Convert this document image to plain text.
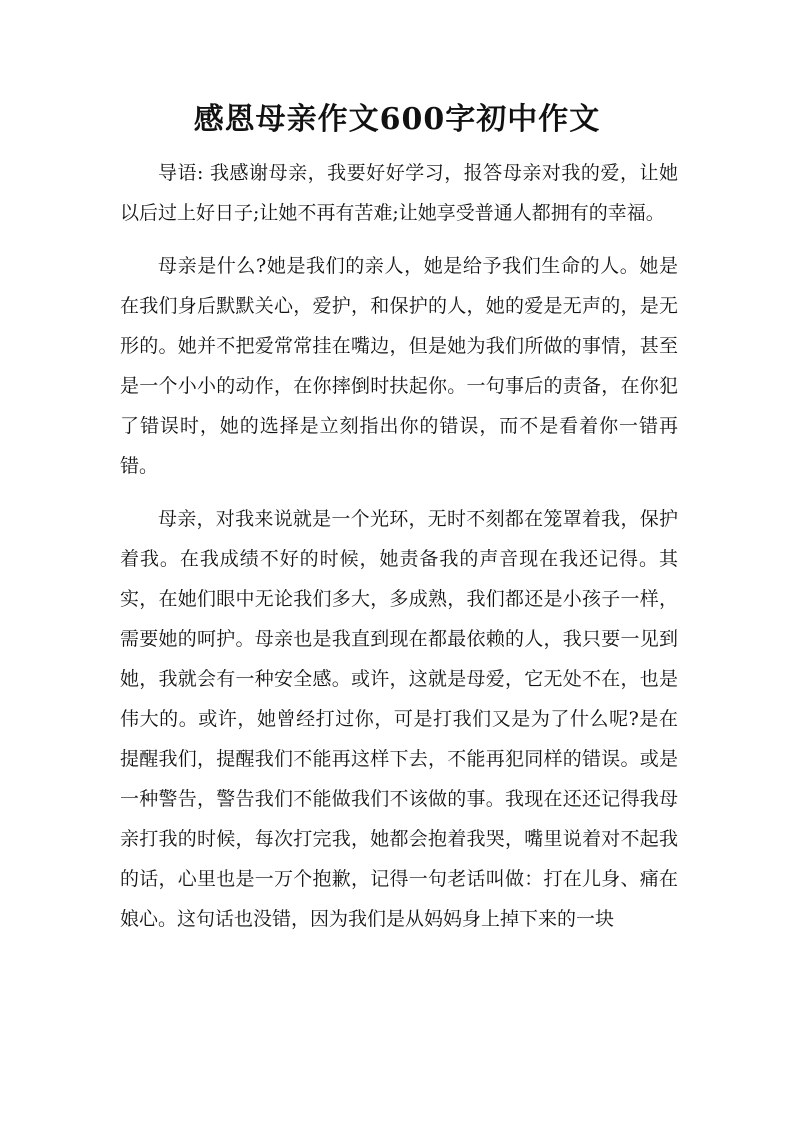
感恩母亲作文600字初中作文

导语: 我感谢母亲，我要好好学习，报答母亲对我的爱，让她以后过上好日子;让她不再有苦难;让她享受普通人都拥有的幸福。

母亲是什么?她是我们的亲人，她是给予我们生命的人。她是在我们身后默默关心，爱护，和保护的人，她的爱是无声的，是无形的。她并不把爱常常挂在嘴边，但是她为我们所做的事情，甚至是一个小小的动作，在你摔倒时扶起你。一句事后的责备，在你犯了错误时，她的选择是立刻指出你的错误，而不是看着你一错再错。

母亲，对我来说就是一个光环，无时不刻都在笼罩着我，保护着我。在我成绩不好的时候，她责备我的声音现在我还记得。其实，在她们眼中无论我们多大，多成熟，我们都还是小孩子一样，需要她的呵护。母亲也是我直到现在都最依赖的人，我只要一见到她，我就会有一种安全感。或许，这就是母爱，它无处不在，也是伟大的。或许，她曾经打过你，可是打我们又是为了什么呢?是在提醒我们，提醒我们不能再这样下去，不能再犯同样的错误。或是一种警告，警告我们不能做我们不该做的事。我现在还还记得我母亲打我的时候，每次打完我，她都会抱着我哭，嘴里说着对不起我的话，心里也是一万个抱歉，记得一句老话叫做：打在儿身、痛在娘心。这句话也没错，因为我们是从妈妈身上掉下来的一块
